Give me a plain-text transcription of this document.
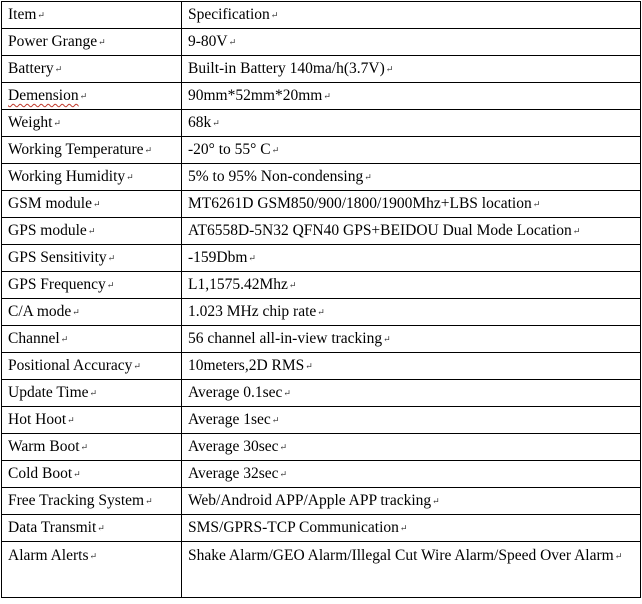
Item↵	Specification↵
Power Grange↵	9-80V↵
Battery↵	Built-in Battery 140ma/h(3.7V)↵
Demension↵	90mm*52mm*20mm↵
Weight↵	68k↵
Working Temperature↵	-20° to 55° C↵
Working Humidity↵	5% to 95% Non-condensing↵
GSM module↵	MT6261D GSM850/900/1800/1900Mhz+LBS location↵
GPS module↵	AT6558D-5N32 QFN40 GPS+BEIDOU Dual Mode Location↵
GPS Sensitivity↵	-159Dbm↵
GPS Frequency↵	L1,1575.42Mhz↵
C/A mode↵	1.023 MHz chip rate↵
Channel↵	56 channel all-in-view tracking↵
Positional Accuracy↵	10meters,2D RMS↵
Update Time↵	Average 0.1sec↵
Hot Hoot↵	Average 1sec↵
Warm Boot↵	Average 30sec↵
Cold Boot↵	Average 32sec↵
Free Tracking System↵	Web/Android APP/Apple APP tracking↵
Data Transmit↵	SMS/GPRS-TCP Communication↵
Alarm Alerts↵	Shake Alarm/GEO Alarm/Illegal Cut Wire Alarm/Speed Over Alarm↵
